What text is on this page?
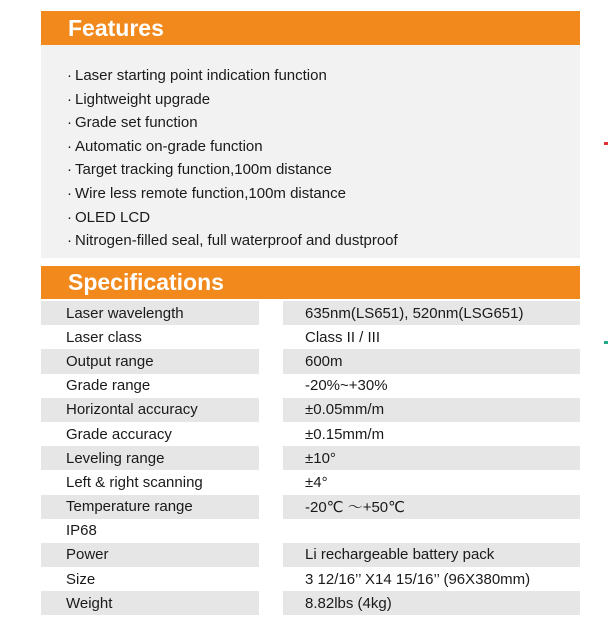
Features
· Laser starting point indication function
· Lightweight upgrade
· Grade set function
· Automatic on-grade function
· Target tracking function,100m distance
· Wire less remote function,100m distance
· OLED LCD
· Nitrogen-filled seal, full waterproof and dustproof
Specifications
Laser wavelength	635nm(LS651), 520nm(LSG651)
Laser class	Class II / III
Output range	600m
Grade range	-20%~+30%
Horizontal accuracy	±0.05mm/m
Grade accuracy	±0.15mm/m
Leveling range	±10°
Left & right scanning	±4°
Temperature range	-20℃ ～+50℃
IP68
Power	Li rechargeable battery pack
Size	3 12/16’’ X14 15/16’’ (96X380mm)
Weight	8.82lbs (4kg)
